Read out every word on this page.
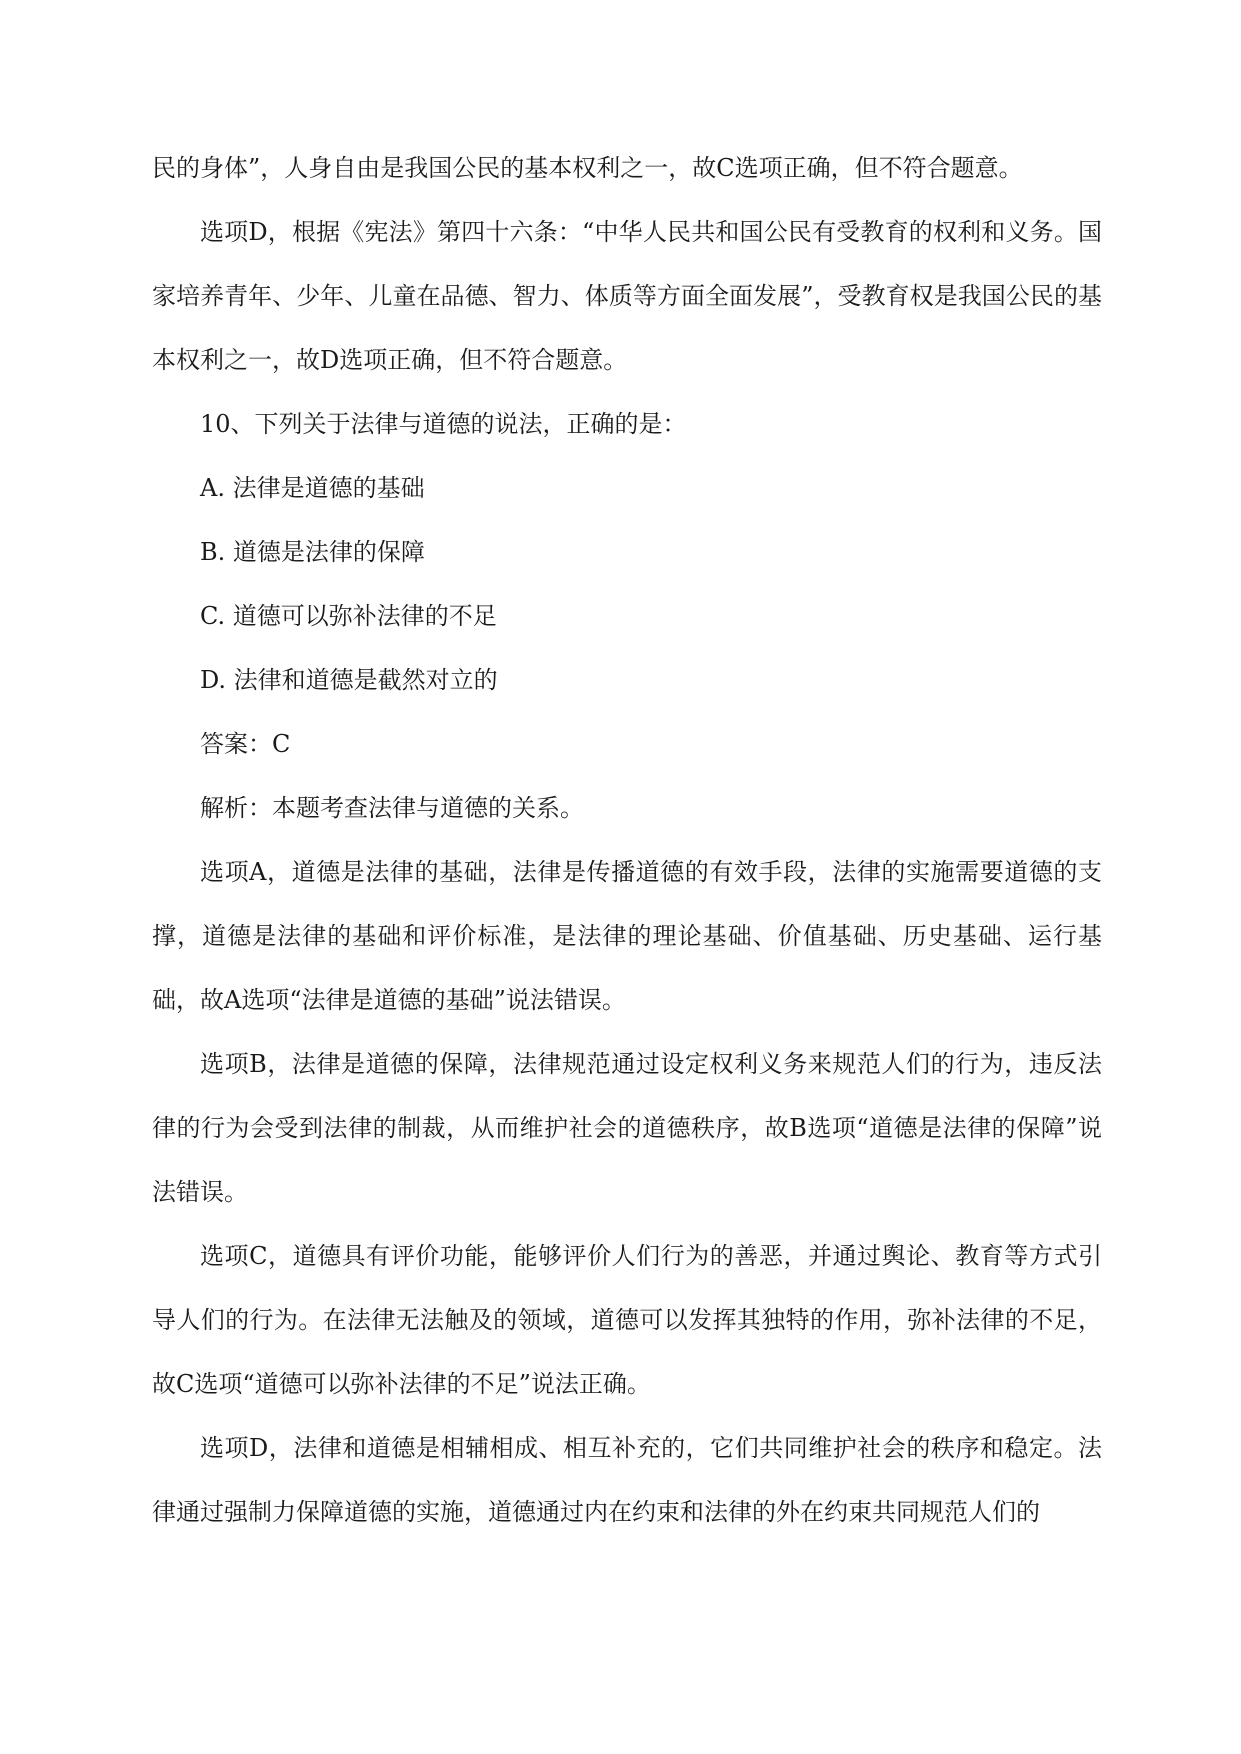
民的身体”，人身自由是我国公民的基本权利之一，故C选项正确，但不符合题意。

选项D，根据《宪法》第四十六条：“中华人民共和国公民有受教育的权利和义务。国家培养青年、少年、儿童在品德、智力、体质等方面全面发展”，受教育权是我国公民的基本权利之一，故D选项正确，但不符合题意。

10、下列关于法律与道德的说法，正确的是：

A. 法律是道德的基础

B. 道德是法律的保障

C. 道德可以弥补法律的不足

D. 法律和道德是截然对立的

答案：C

解析：本题考查法律与道德的关系。

选项A，道德是法律的基础，法律是传播道德的有效手段，法律的实施需要道德的支撑，道德是法律的基础和评价标准，是法律的理论基础、价值基础、历史基础、运行基础，故A选项“法律是道德的基础”说法错误。

选项B，法律是道德的保障，法律规范通过设定权利义务来规范人们的行为，违反法律的行为会受到法律的制裁，从而维护社会的道德秩序，故B选项“道德是法律的保障”说法错误。

选项C，道德具有评价功能，能够评价人们行为的善恶，并通过舆论、教育等方式引导人们的行为。在法律无法触及的领域，道德可以发挥其独特的作用，弥补法律的不足，故C选项“道德可以弥补法律的不足”说法正确。

选项D，法律和道德是相辅相成、相互补充的，它们共同维护社会的秩序和稳定。法律通过强制力保障道德的实施，道德通过内在约束和法律的外在约束共同规范人们的
